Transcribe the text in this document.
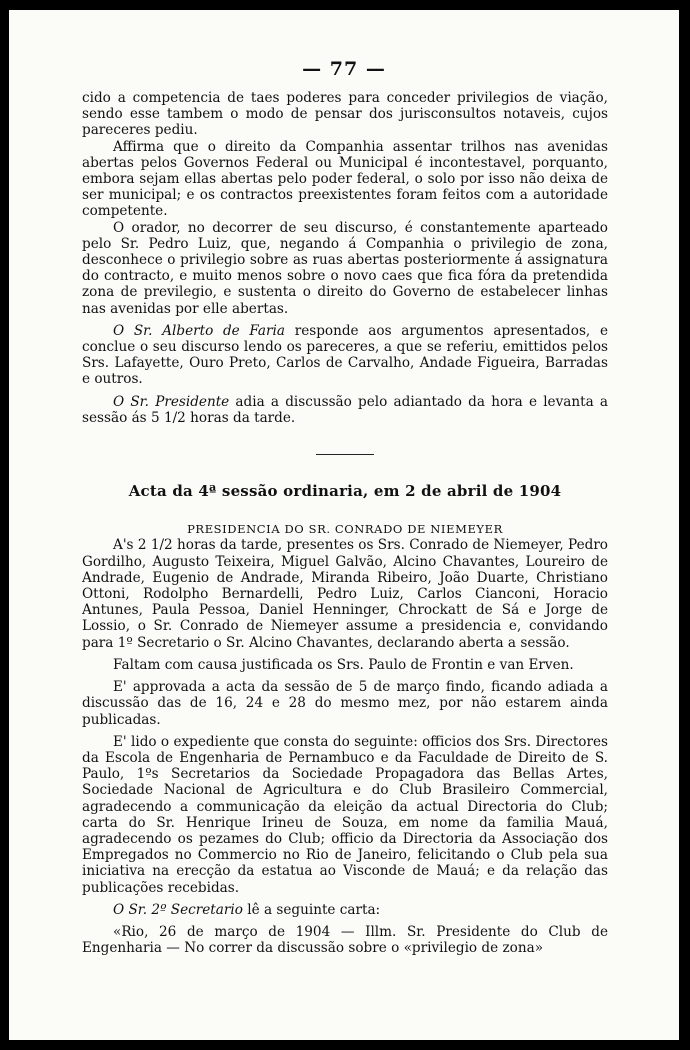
— 77 —

cido a competencia de taes poderes para conceder privilegios de viação, sendo esse tambem o modo de pensar dos jurisconsultos notaveis, cujos pareceres pediu.

Affirma que o direito da Companhia assentar trilhos nas avenidas abertas pelos Governos Federal ou Municipal é incontestavel, porquanto, embora sejam ellas abertas pelo poder federal, o solo por isso não deixa de ser municipal; e os contractos preexistentes foram feitos com a autoridade competente.

O orador, no decorrer de seu discurso, é constantemente aparteado pelo Sr. Pedro Luiz, que, negando á Companhia o privilegio de zona, desconhece o privilegio sobre as ruas abertas posteriormente á assignatura do contracto, e muito menos sobre o novo caes que fica fóra da pretendida zona de previlegio, e sustenta o direito do Governo de estabelecer linhas nas avenidas por elle abertas.

O Sr. Alberto de Faria responde aos argumentos apresentados, e conclue o seu discurso lendo os pareceres, a que se referiu, emittidos pelos Srs. Lafayette, Ouro Preto, Carlos de Carvalho, Andade Figueira, Barradas e outros.

O Sr. Presidente adia a discussão pelo adiantado da hora e levanta a sessão ás 5 1/2 horas da tarde.

Acta da 4ª sessão ordinaria, em 2 de abril de 1904
PRESIDENCIA DO SR. CONRADO DE NIEMEYER

A's 2 1/2 horas da tarde, presentes os Srs. Conrado de Niemeyer, Pedro Gordilho, Augusto Teixeira, Miguel Galvão, Alcino Chavantes, Loureiro de Andrade, Eugenio de Andrade, Miranda Ribeiro, João Duarte, Christiano Ottoni, Rodolpho Bernardelli, Pedro Luiz, Carlos Cianconi, Horacio Antunes, Paula Pessoa, Daniel Henninger, Chrockatt de Sá e Jorge de Lossio, o Sr. Conrado de Niemeyer assume a presidencia e, convidando para 1º Secretario o Sr. Alcino Chavantes, declarando aberta a sessão.

Faltam com causa justificada os Srs. Paulo de Frontin e van Erven.

E' approvada a acta da sessão de 5 de março findo, ficando adiada a discussão das de 16, 24 e 28 do mesmo mez, por não estarem ainda publicadas.

E' lido o expediente que consta do seguinte: officios dos Srs. Directores da Escola de Engenharia de Pernambuco e da Faculdade de Direito de S. Paulo, 1ºs Secretarios da Sociedade Propagadora das Bellas Artes, Sociedade Nacional de Agricultura e do Club Brasileiro Commercial, agradecendo a communicação da eleição da actual Directoria do Club; carta do Sr. Henrique Irineu de Souza, em nome da familia Mauá, agradecendo os pezames do Club; officio da Directoria da Associação dos Empregados no Commercio no Rio de Janeiro, felicitando o Club pela sua iniciativa na erecção da estatua ao Visconde de Mauá; e da relação das publicações recebidas.

O Sr. 2º Secretario lê a seguinte carta:

«Rio, 26 de março de 1904 — Illm. Sr. Presidente do Club de Engenharia — No correr da discussão sobre o «privilegio de zona»
